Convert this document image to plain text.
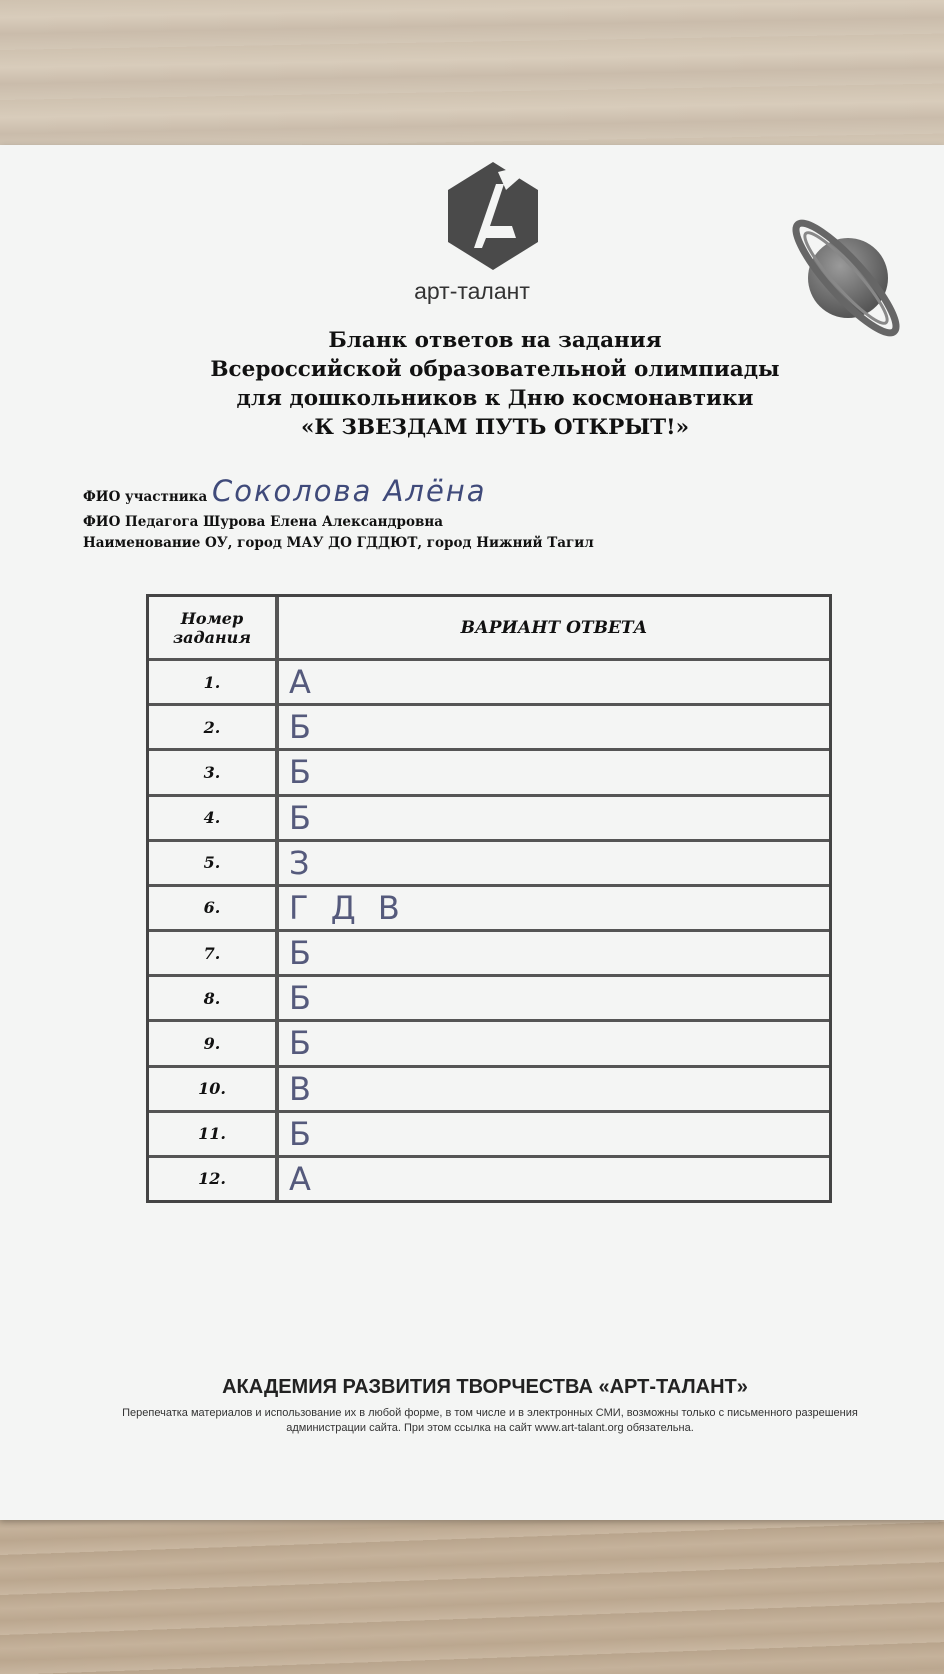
арт-талант
Бланк ответов на задания
Всероссийской образовательной олимпиады
для дошкольников к Дню космонавтики
«К ЗВЕЗДАМ ПУТЬ ОТКРЫТ!»
ФИО участника Соколова Алёна
ФИО Педагога Шурова Елена Александровна
Наименование ОУ, город МАУ ДО ГДДЮТ, город Нижний Тагил
Номер
задания	ВАРИАНТ ОТВЕТА
1.	А
2.	Б
3.	Б
4.	Б
5.	З
6.	Г Д В
7.	Б
8.	Б
9.	Б
10.	В
11.	Б
12.	А
АКАДЕМИЯ РАЗВИТИЯ ТВОРЧЕСТВА «АРТ-ТАЛАНТ»
Перепечатка материалов и использование их в любой форме, в том числе и в электронных СМИ, возможны только с письменного разрешения администрации сайта. При этом ссылка на сайт www.art-talant.org обязательна.
